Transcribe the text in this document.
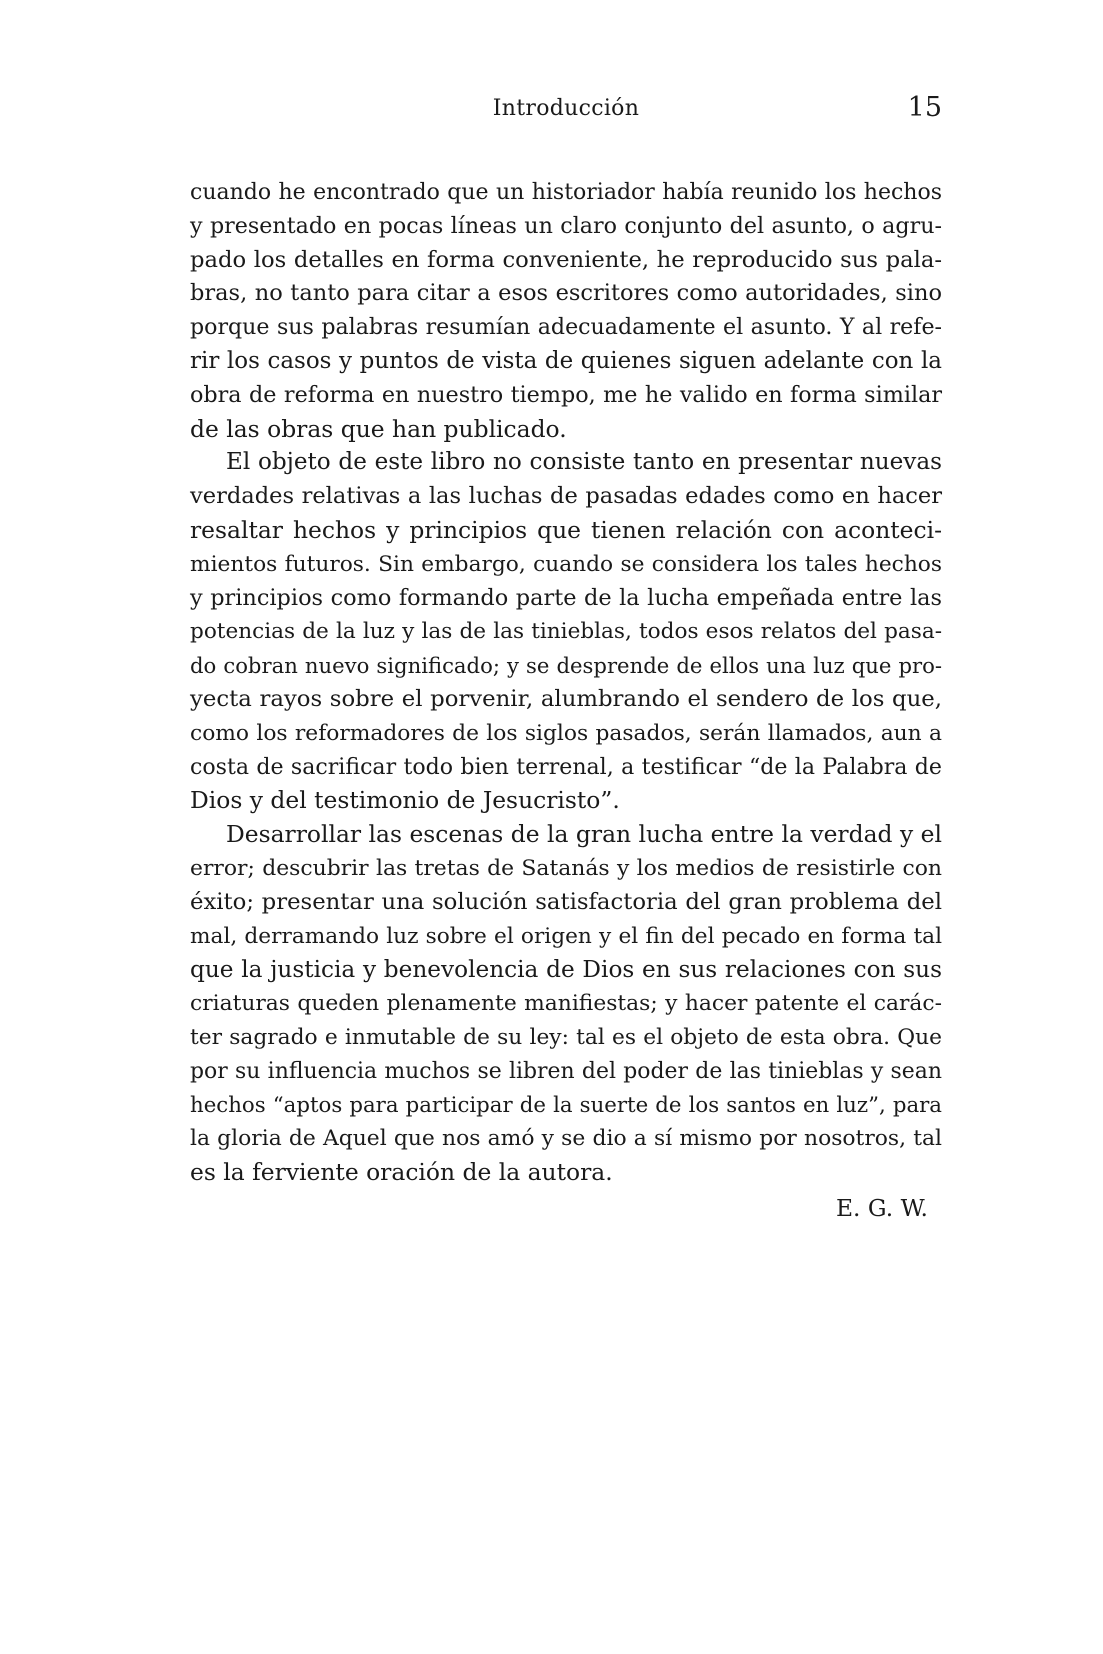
Introducción	15
cuando he encontrado que un historiador había reunido los hechos
y presentado en pocas líneas un claro conjunto del asunto, o agru-
pado los detalles en forma conveniente, he reproducido sus pala-
bras, no tanto para citar a esos escritores como autoridades, sino
porque sus palabras resumían adecuadamente el asunto. Y al refe-
rir los casos y puntos de vista de quienes siguen adelante con la
obra de reforma en nuestro tiempo, me he valido en forma similar
de las obras que han publicado.
El objeto de este libro no consiste tanto en presentar nuevas
verdades relativas a las luchas de pasadas edades como en hacer
resaltar hechos y principios que tienen relación con aconteci-
mientos futuros. Sin embargo, cuando se considera los tales hechos
y principios como formando parte de la lucha empeñada entre las
potencias de la luz y las de las tinieblas, todos esos relatos del pasa-
do cobran nuevo significado; y se desprende de ellos una luz que pro-
yecta rayos sobre el porvenir, alumbrando el sendero de los que,
como los reformadores de los siglos pasados, serán llamados, aun a
costa de sacrificar todo bien terrenal, a testificar “de la Palabra de
Dios y del testimonio de Jesucristo”.
Desarrollar las escenas de la gran lucha entre la verdad y el
error; descubrir las tretas de Satanás y los medios de resistirle con
éxito; presentar una solución satisfactoria del gran problema del
mal, derramando luz sobre el origen y el fin del pecado en forma tal
que la justicia y benevolencia de Dios en sus relaciones con sus
criaturas queden plenamente manifiestas; y hacer patente el carác-
ter sagrado e inmutable de su ley: tal es el objeto de esta obra. Que
por su influencia muchos se libren del poder de las tinieblas y sean
hechos “aptos para participar de la suerte de los santos en luz”, para
la gloria de Aquel que nos amó y se dio a sí mismo por nosotros, tal
es la ferviente oración de la autora.
E. G. W.
